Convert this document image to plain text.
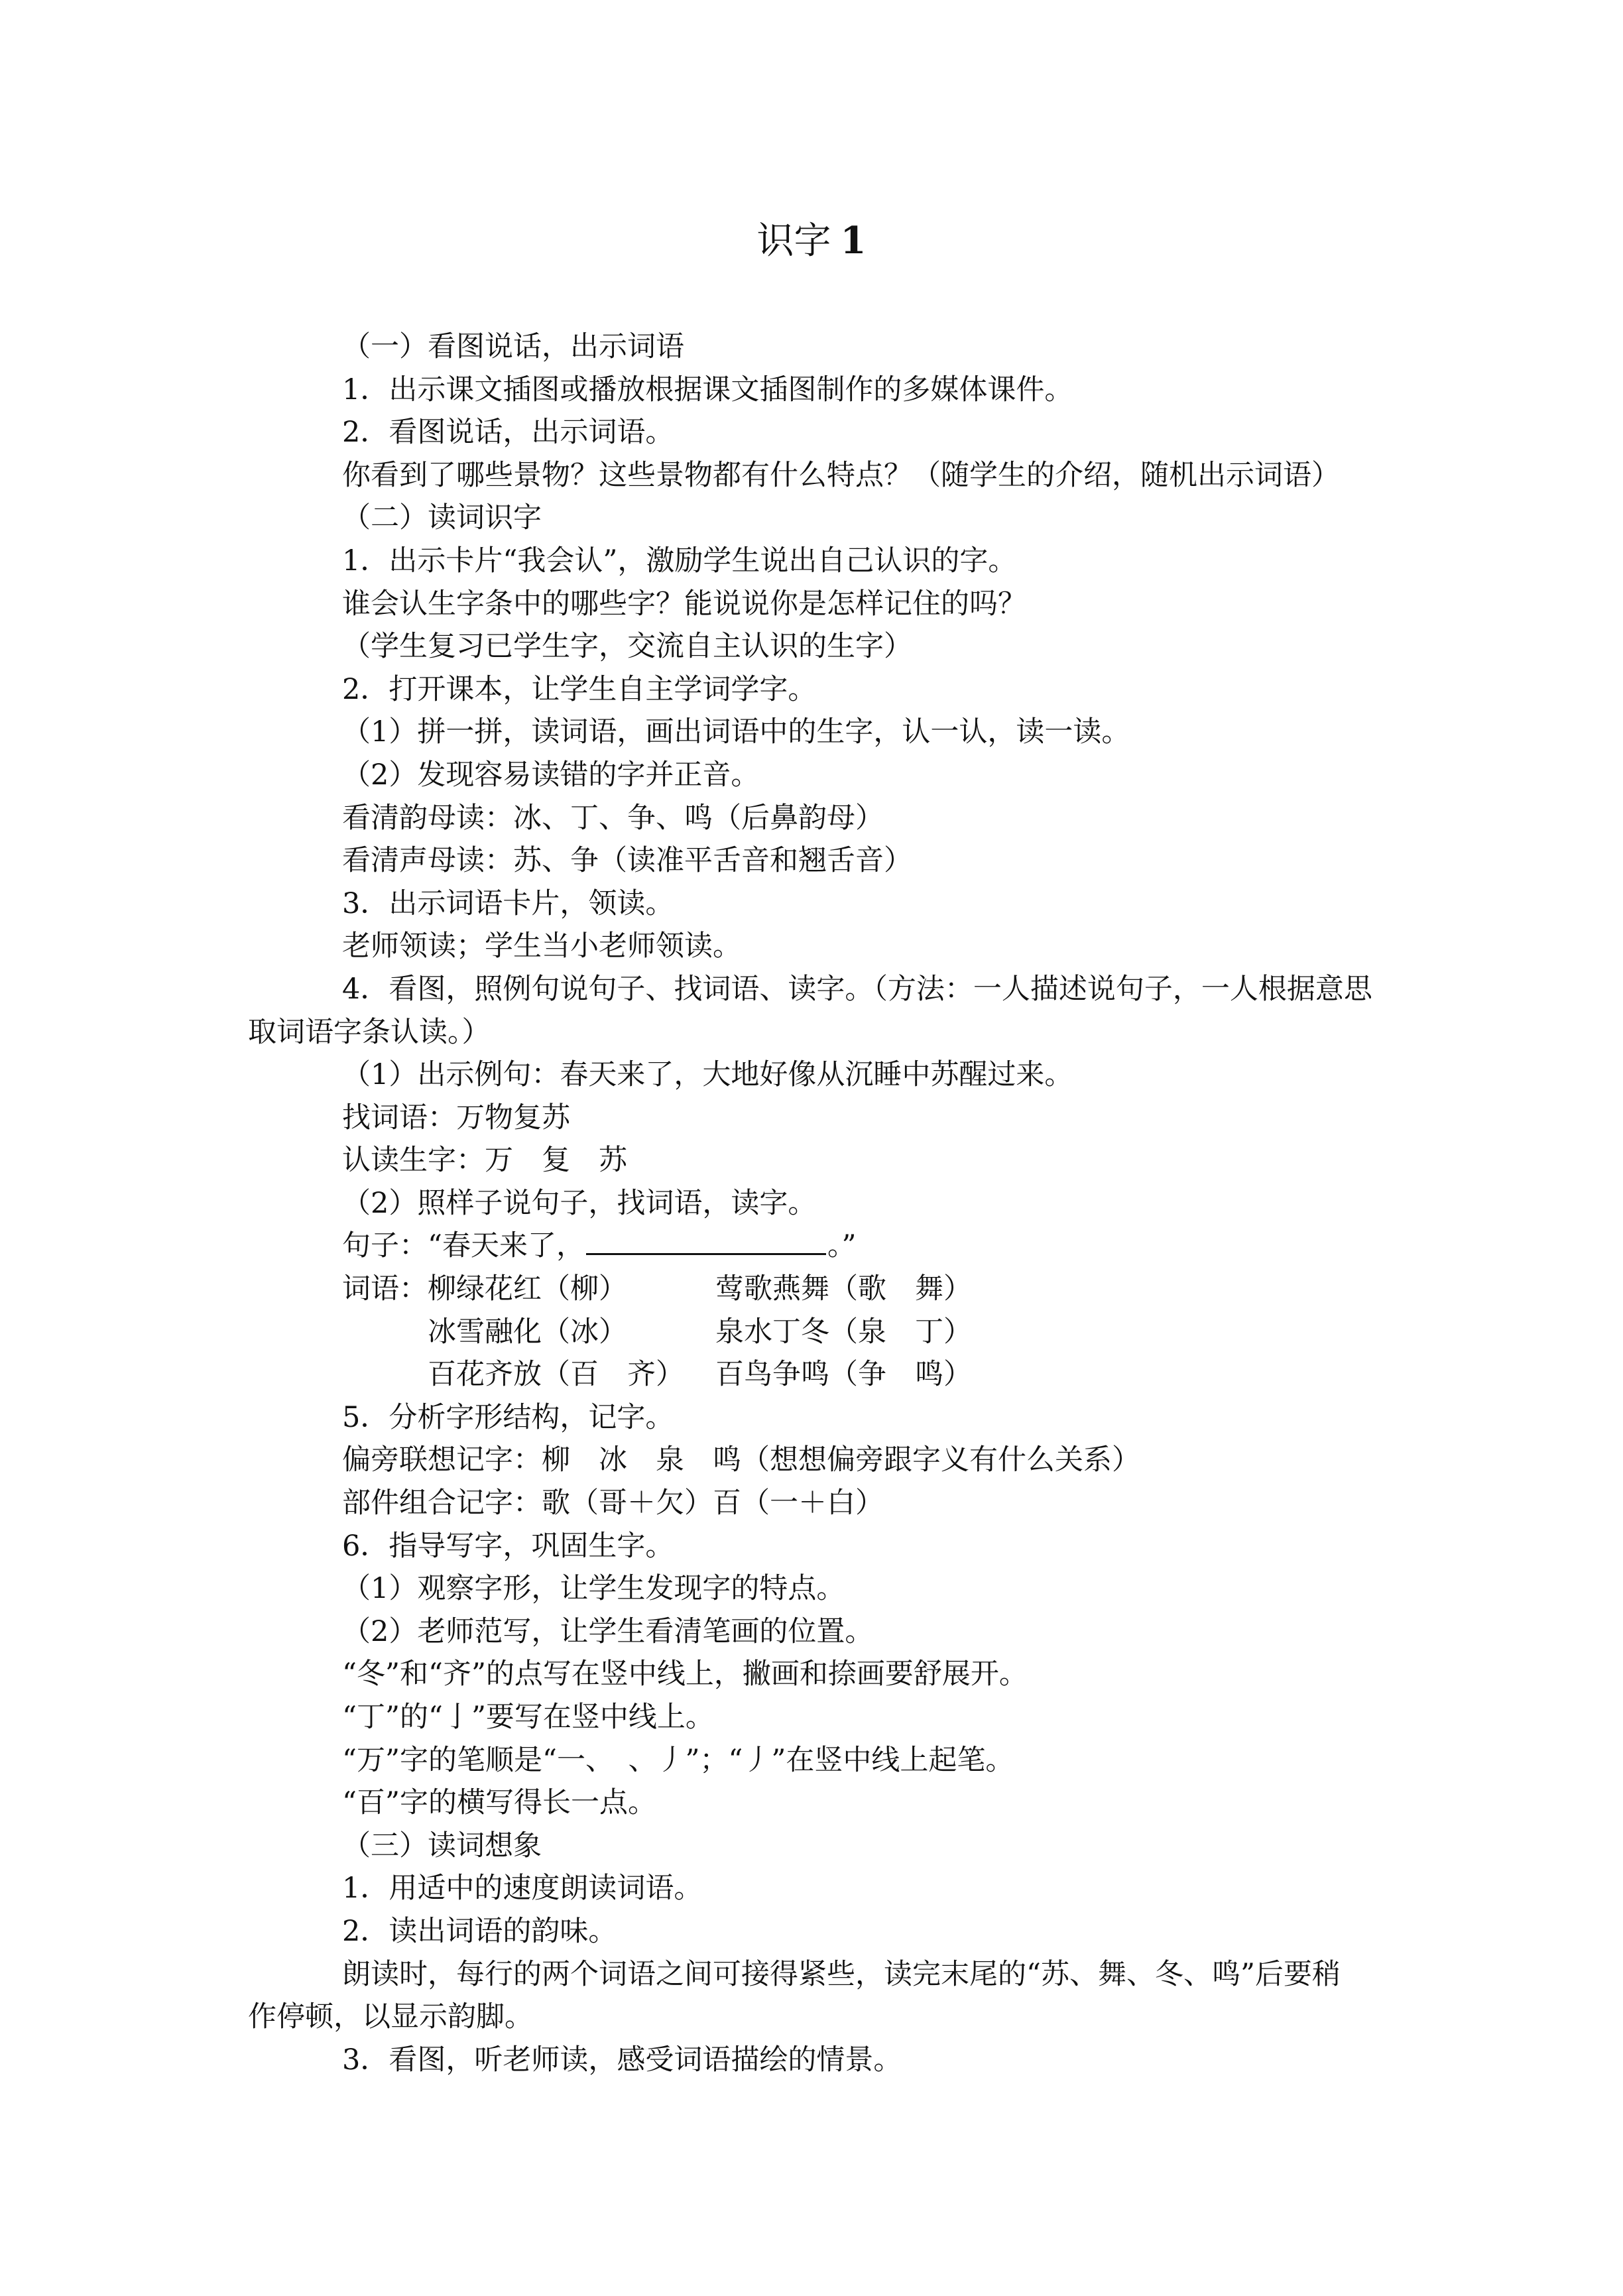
识字 1
（一）看图说话，出示词语
1．出示课文插图或播放根据课文插图制作的多媒体课件。
2．看图说话，出示词语。
你看到了哪些景物？这些景物都有什么特点？（随学生的介绍，随机出示词语）
（二）读词识字
1．出示卡片“我会认”，激励学生说出自己认识的字。
谁会认生字条中的哪些字？能说说你是怎样记住的吗？
（学生复习已学生字，交流自主认识的生字）
2．打开课本，让学生自主学词学字。
（1）拼一拼，读词语，画出词语中的生字，认一认，读一读。
（2）发现容易读错的字并正音。
看清韵母读：冰、丁、争、鸣（后鼻韵母）
看清声母读：苏、争（读准平舌音和翘舌音）
3．出示词语卡片，领读。
老师领读；学生当小老师领读。
4．看图，照例句说句子、找词语、读字。（方法：一人描述说句子，一人根据意思
取词语字条认读。）
（1）出示例句：春天来了，大地好像从沉睡中苏醒过来。
找词语：万物复苏
认读生字：万　复　苏
（2）照样子说句子，找词语，读字。
句子：“春天来了，	。”
词语： 柳绿花红（柳）	莺歌燕舞（歌　舞）
冰雪融化（冰）	泉水丁冬（泉　丁）
百花齐放（百　齐） 百鸟争鸣（争　鸣）
5．分析字形结构，记字。
偏旁联想记字：柳　冰　泉　鸣（想想偏旁跟字义有什么关系）
部件组合记字：歌（哥＋欠）百（一＋白）
6．指导写字，巩固生字。
（1）观察字形，让学生发现字的特点。
（2）老师范写，让学生看清笔画的位置。
“冬”和“齐”的点写在竖中线上，撇画和捺画要舒展开。
“丁”的“亅”要写在竖中线上。
“万”字的笔顺是“一、　、丿”；“丿”在竖中线上起笔。
“百”字的横写得长一点。
（三）读词想象
1．用适中的速度朗读词语。
2．读出词语的韵味。
朗读时，每行的两个词语之间可接得紧些，读完末尾的“苏、舞、冬、鸣”后要稍
作停顿，以显示韵脚。
3．看图，听老师读，感受词语描绘的情景。
